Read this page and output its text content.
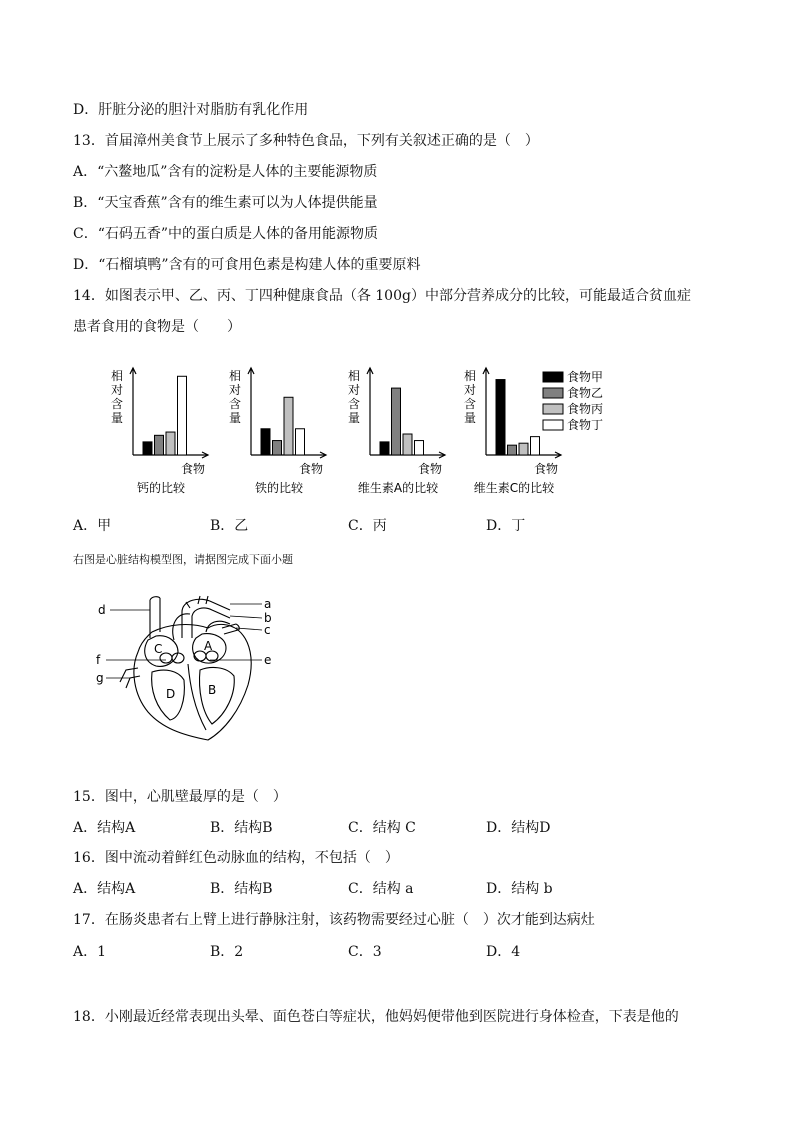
D．肝脏分泌的胆汁对脂肪有乳化作用
13．首届漳州美食节上展示了多种特色食品，下列有关叙述正确的是（　）
A．“六鳌地瓜”含有的淀粉是人体的主要能源物质
B．“天宝香蕉”含有的维生素可以为人体提供能量
C．“石码五香”中的蛋白质是人体的备用能源物质
D．“石榴填鸭”含有的可食用色素是构建人体的重要原料
14．如图表示甲、乙、丙、丁四种健康食品（各 100g）中部分营养成分的比较，可能最适合贫血症
患者食用的食物是（　　）
相
对
含
量
食物
钙的比较
相
对
含
量
食物
铁的比较
相
对
含
量
食物
维生素A的比较
相
对
含
量
食物
维生素C的比较
食物甲
食物乙
食物丙
食物丁
A．甲	B．乙	C．丙	D．丁
右图是心脏结构模型图，请据图完成下面小题
d	a
b
c
f	e
g
C	A
D	B
15．图中，心肌壁最厚的是（　）
A．结构A	B．结构B	C．结构 C	D．结构D
16．图中流动着鲜红色动脉血的结构，不包括（　）
A．结构A	B．结构B	C．结构 a	D．结构 b
17．在肠炎患者右上臂上进行静脉注射，该药物需要经过心脏（　）次才能到达病灶
A．1	B．2	C．3	D．4
18．小刚最近经常表现出头晕、面色苍白等症状，他妈妈便带他到医院进行身体检查，下表是他的
